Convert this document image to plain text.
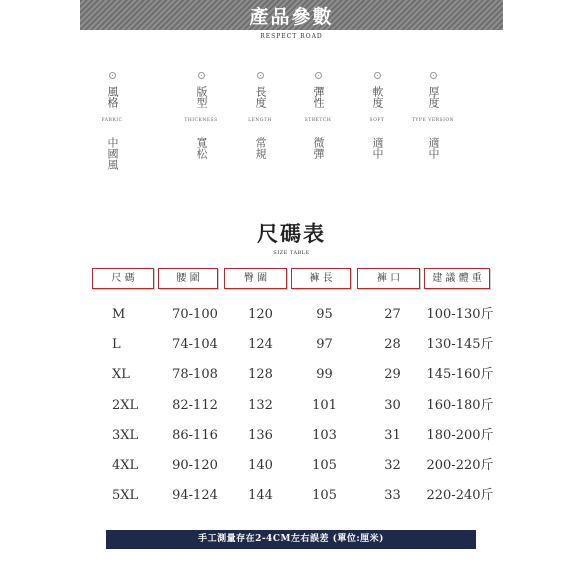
產品參數
RESPECT ROAD
風格
FABRIC
中國風
版型
THICKNESS
寬松
長度
LENGTH
常規
彈性
STRETCH
微彈
軟度
SOFT
適中
厚度
TYPE VERSION
適中
尺碼表
SIZE TABLE
尺 碼	腰 圍	臀 圍	褲 長	褲 口	建 議 體 重
M	70-100	120	95	27	100-130斤
L	74-104	124	97	28	130-145斤
XL	78-108	128	99	29	145-160斤
2XL	82-112	132	101	30	160-180斤
3XL	86-116	136	103	31	180-200斤
4XL	90-120	140	105	32	200-220斤
5XL	94-124	144	105	33	220-240斤
手工測量存在2-4CM左右誤差 (單位:厘米)
